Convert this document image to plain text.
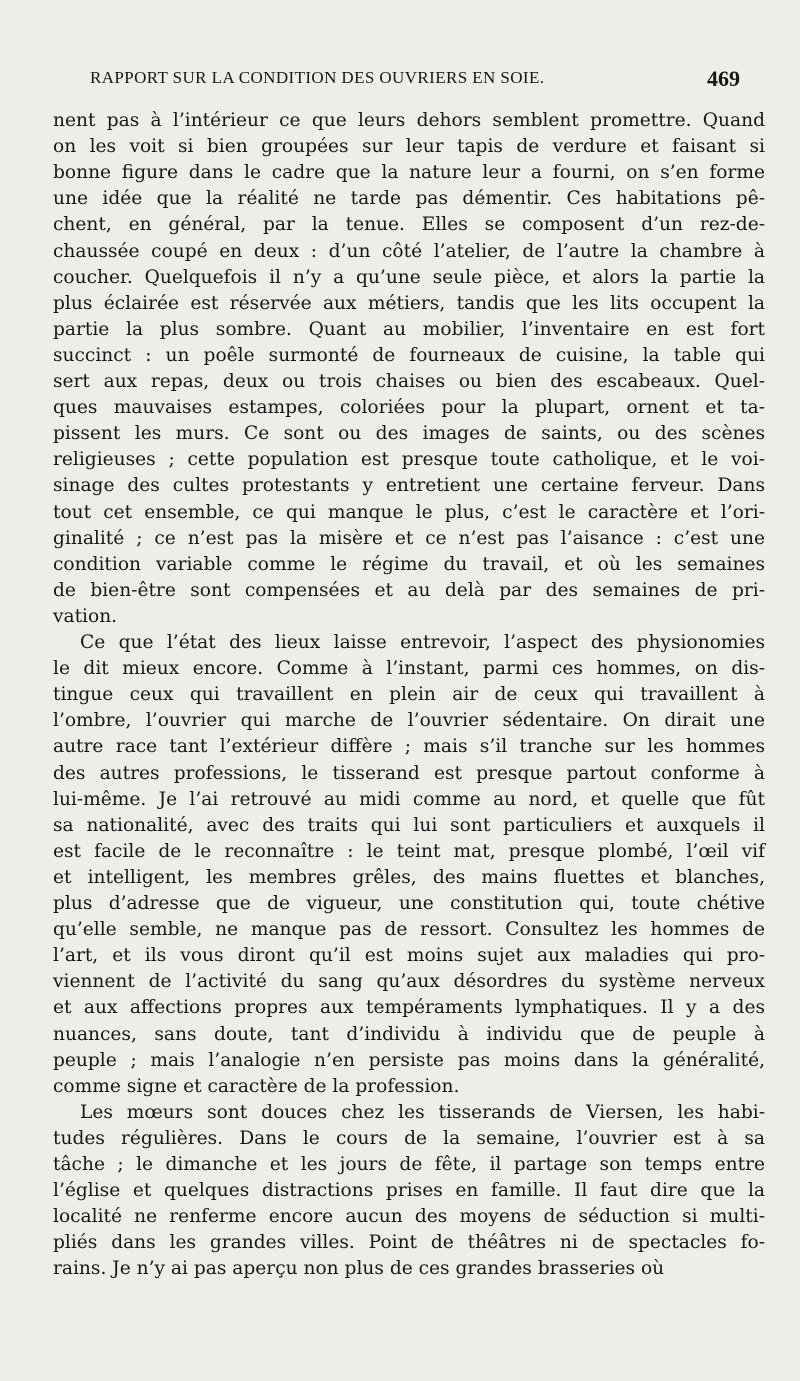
RAPPORT SUR LA CONDITION DES OUVRIERS EN SOIE.	469
nent pas à l’intérieur ce que leurs dehors semblent promettre. Quand
on les voit si bien groupées sur leur tapis de verdure et faisant si
bonne figure dans le cadre que la nature leur a fourni, on s’en forme
une idée que la réalité ne tarde pas démentir. Ces habitations pê-
chent, en général, par la tenue. Elles se composent d’un rez-de-
chaussée coupé en deux : d’un côté l’atelier, de l’autre la chambre à
coucher. Quelquefois il n’y a qu’une seule pièce, et alors la partie la
plus éclairée est réservée aux métiers, tandis que les lits occupent la
partie la plus sombre. Quant au mobilier, l’inventaire en est fort
succinct : un poêle surmonté de fourneaux de cuisine, la table qui
sert aux repas, deux ou trois chaises ou bien des escabeaux. Quel-
ques mauvaises estampes, coloriées pour la plupart, ornent et ta-
pissent les murs. Ce sont ou des images de saints, ou des scènes
religieuses ; cette population est presque toute catholique, et le voi-
sinage des cultes protestants y entretient une certaine ferveur. Dans
tout cet ensemble, ce qui manque le plus, c’est le caractère et l’ori-
ginalité ; ce n’est pas la misère et ce n’est pas l’aisance : c’est une
condition variable comme le régime du travail, et où les semaines
de bien-être sont compensées et au delà par des semaines de pri-
vation.
Ce que l’état des lieux laisse entrevoir, l’aspect des physionomies
le dit mieux encore. Comme à l’instant, parmi ces hommes, on dis-
tingue ceux qui travaillent en plein air de ceux qui travaillent à
l’ombre, l’ouvrier qui marche de l’ouvrier sédentaire. On dirait une
autre race tant l’extérieur diffère ; mais s’il tranche sur les hommes
des autres professions, le tisserand est presque partout conforme à
lui-même. Je l’ai retrouvé au midi comme au nord, et quelle que fût
sa nationalité, avec des traits qui lui sont particuliers et auxquels il
est facile de le reconnaître : le teint mat, presque plombé, l’œil vif
et intelligent, les membres grêles, des mains fluettes et blanches,
plus d’adresse que de vigueur, une constitution qui, toute chétive
qu’elle semble, ne manque pas de ressort. Consultez les hommes de
l’art, et ils vous diront qu’il est moins sujet aux maladies qui pro-
viennent de l’activité du sang qu’aux désordres du système nerveux
et aux affections propres aux tempéraments lymphatiques. Il y a des
nuances, sans doute, tant d’individu à individu que de peuple à
peuple ; mais l’analogie n’en persiste pas moins dans la généralité,
comme signe et caractère de la profession.
Les mœurs sont douces chez les tisserands de Viersen, les habi-
tudes régulières. Dans le cours de la semaine, l’ouvrier est à sa
tâche ; le dimanche et les jours de fête, il partage son temps entre
l’église et quelques distractions prises en famille. Il faut dire que la
localité ne renferme encore aucun des moyens de séduction si multi-
pliés dans les grandes villes. Point de théâtres ni de spectacles fo-
rains. Je n’y ai pas aperçu non plus de ces grandes brasseries où
